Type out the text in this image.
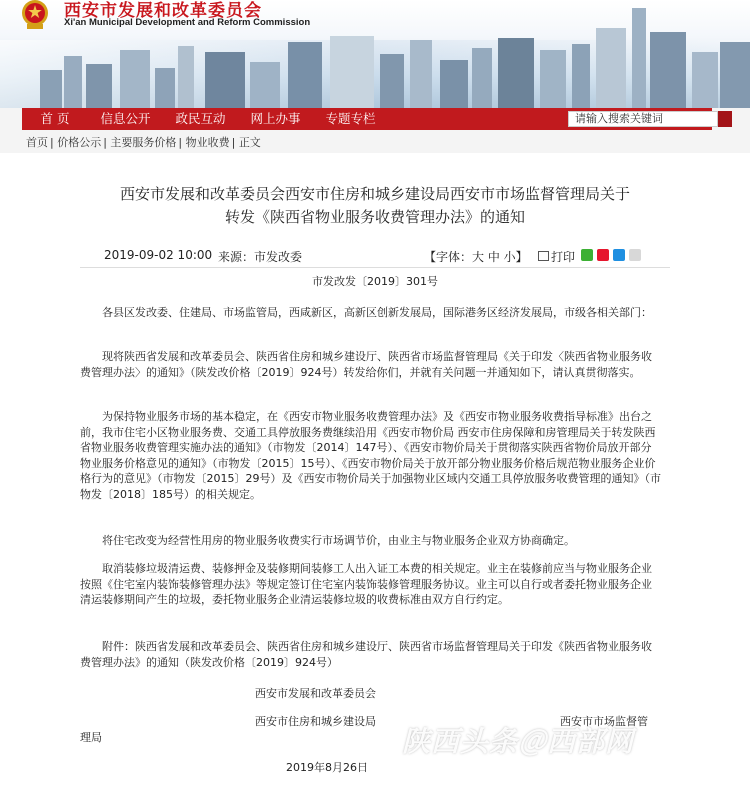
西安市发展和改革委员会
Xi'an Municipal Development and Reform Commission
首 页	信息公开	政民互动	网上办事	专题专栏	请输入搜索关键词
首页 | 价格公示 | 主要服务价格 | 物业收费 | 正文
西安市发展和改革委员会西安市住房和城乡建设局西安市市场监督管理局关于
转发《陕西省物业服务收费管理办法》的通知
2019-09-02 10:00 来源：市发改委	【字体：大 中 小】	打印
市发改发〔2019〕301号

各县区发改委、住建局、市场监管局，西咸新区，高新区创新发展局，国际港务区经济发展局，市级各相关部门：

现将陕西省发展和改革委员会、陕西省住房和城乡建设厅、陕西省市场监督管理局《关于印发〈陕西省物业服务收费管理办法〉的通知》（陕发改价格〔2019〕924号）转发给你们，并就有关问题一并通知如下，请认真贯彻落实。

为保持物业服务市场的基本稳定，在《西安市物业服务收费管理办法》及《西安市物业服务收费指导标准》出台之前，我市住宅小区物业服务费、交通工具停放服务费继续沿用《西安市物价局 西安市住房保障和房管理局关于转发陕西省物业服务收费管理实施办法的通知》（市物发〔2014〕147号）、《西安市物价局关于贯彻落实陕西省物价局放开部分物业服务价格意见的通知》（市物发〔2015〕15号）、《西安市物价局关于放开部分物业服务价格后规范物业服务企业价格行为的意见》（市物发〔2015〕29号）及《西安市物价局关于加强物业区域内交通工具停放服务收费管理的通知》（市物发〔2018〕185号）的相关规定。

将住宅改变为经营性用房的物业服务收费实行市场调节价，由业主与物业服务企业双方协商确定。

取消装修垃圾清运费、装修押金及装修期间装修工人出入证工本费的相关规定。业主在装修前应当与物业服务企业按照《住宅室内装饰装修管理办法》等规定签订住宅室内装饰装修管理服务协议。业主可以自行或者委托物业服务企业清运装修期间产生的垃圾，委托物业服务企业清运装修垃圾的收费标准由双方自行约定。

附件：陕西省发展和改革委员会、陕西省住房和城乡建设厅、陕西省市场监督管理局关于印发《陕西省物业服务收费管理办法》的通知（陕发改价格〔2019〕924号）

西安市发展和改革委员会
西安市住房和城乡建设局	西安市市场监督管
理局
2019年8月26日
陕西头条＠西部网
